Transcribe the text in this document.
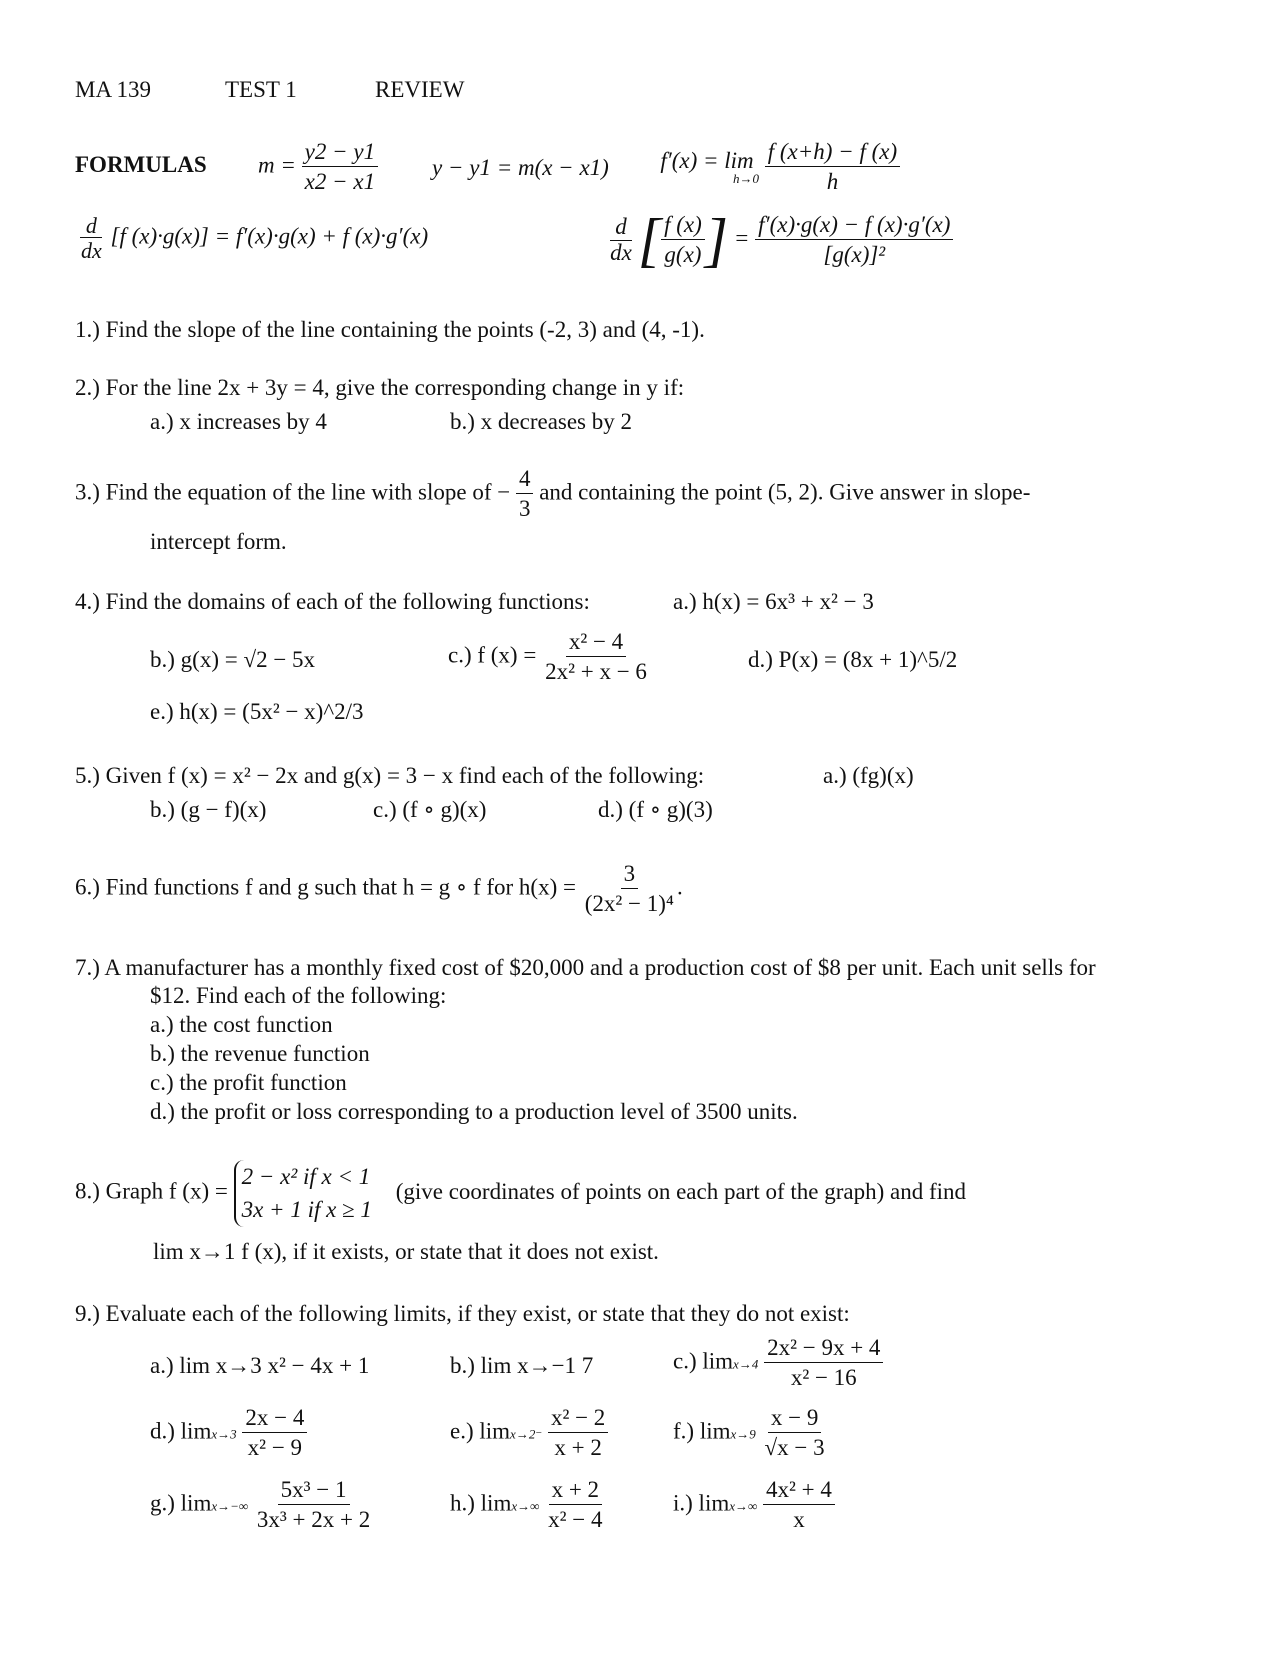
MA 139	TEST 1	REVIEW
FORMULAS $m = \frac{y2 - y1}{x2 - x1}$ y − y1 = m(x − x1) f′(x) = lim
h→0
$\frac{f (x+h) - f (x)}{h}$
$\frac{d}{dx} [f$ (x)·g(x)] = f′(x)·g(x) + f (x)·g′(x)	$\frac{d}{dx}$ [ $\frac{f (x)}{g(x)}$ ] = $\frac{f'(x)\cdot g(x) - f (x)\cdot g'(x)}{\text{[g(x)]²}}$
1.) Find the slope of the line containing the points (-2, 3) and (4, -1).
2.) For the line 2x + 3y = 4, give the corresponding change in y if:
a.) x increases by 4	b.) x decreases by 2
3.) Find the equation of the line with slope of − $\frac{4}{3}$ and containing the point (5, 2). Give answer in slope-
intercept form.
4.) Find the domains of each of the following functions:	a.) h(x) = 6x³ + x² − 3
b.) g(x) = √2 − 5x	c.) f $(x) = \frac{\text{x² − 4}}{\text{2x² + x − 6}}$	d.) P(x) = (8x + 1)^5/2
e.) h(x) = (5x² − x)^2/3
5.) Given f (x) = x² − 2x and g(x) = 3 − x find each of the following:	a.) (fg)(x)
b.) (g − f)(x)	c.) (f ∘ g)(x)	d.) (f ∘ g)(3)
6.) Find functions f and g such that h = g ∘ f for $h(x) = \frac{3}{\text{(2x² − 1)⁴}}$ .
7.) A manufacturer has a monthly fixed cost of $20,000 and a production cost of $8 per unit. Each unit sells for
$12. Find each of the following:
a.) the cost function
b.) the revenue function
c.) the profit function
d.) the profit or loss corresponding to a production level of 3500 units.
8.) Graph f (x) =
2 − x² if x < 1
3x + 1 if x ≥ 1
(give coordinates of points on each part of the graph) and find
lim x→1 f (x), if it exists, or state that it does not exist.
9.) Evaluate each of the following limits, if they exist, or state that they do not exist:
a.) lim x→3 x² − 4x + 1	b.) lim x→−1 7	c.) $\lim x\to 4 \frac{\text{2x² − 9x + 4}}{\text{x² − 16}}$
d.) $\lim x\to 3 \frac{2x - 4}{\text{x² − 9}}$	e.) $\lim x\to 2^- \frac{\text{x² − 2}}{x + 2}$	f.) $\lim x\to 9 \frac{x - 9}{√x - 3}$
g.) $\lim x\to-\infty \frac{\text{5x³ − 1}}{\text{3x³ + 2x + 2}}$	h.) $\lim x\to\infty \frac{x + 2}{\text{x² − 4}}$	i.) $\lim x\to\infty \frac{\text{4x² + 4}}{x}$
